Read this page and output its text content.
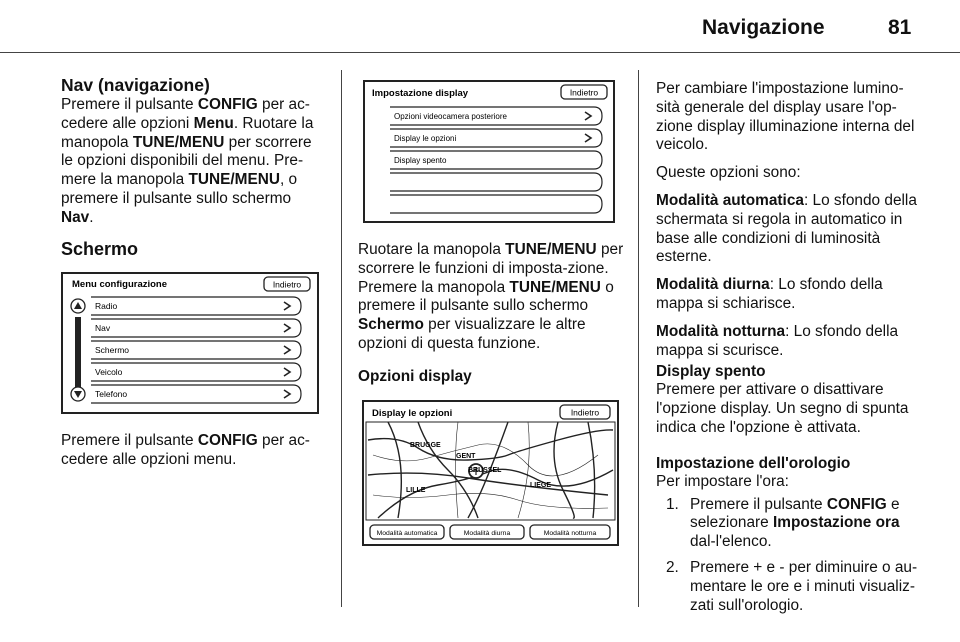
Navigazione	81
Nav (navigazione)

Premere il pulsante CONFIG per ac-cedere alle opzioni Menu. Ruotare la manopola TUNE/MENU per scorrere le opzioni disponibili del menu. Pre-mere la manopola TUNE/MENU, o premere il pulsante sullo schermo Nav.

Schermo
Menu configurazione	Indietro
Radio
Nav
Schermo
Veicolo
Telefono

Premere il pulsante CONFIG per ac-cedere alle opzioni menu.

Impostazione display	Indietro
Opzioni videocamera posteriore
Display le opzioni
Display spento

Ruotare la manopola TUNE/MENU per scorrere le funzioni di imposta-zione. Premere la manopola TUNE/MENU o premere il pulsante sullo schermo Schermo per visualizzare le altre opzioni di questa funzione.

Opzioni display
Display le opzioni	Indietro
BRUGGE
GENT
BRUSSEL
LILLE
LIEGE
Modalità automatica	Modalità diurna	Modalità notturna

Per cambiare l'impostazione lumino-sità generale del display usare l'op-zione display illuminazione interna del veicolo.

Queste opzioni sono:

Modalità automatica: Lo sfondo della schermata si regola in automatico in base alle condizioni di luminosità esterne.

Modalità diurna: Lo sfondo della mappa si schiarisce.

Modalità notturna: Lo sfondo della mappa si scurisce.

Display spento

Premere per attivare o disattivare l'opzione display. Un segno di spunta indica che l'opzione è attivata.

Impostazione dell'orologio

Per impostare l'ora:

1. Premere il pulsante CONFIG e selezionare Impostazione ora dal-l'elenco.
2. Premere + e - per diminuire o au-mentare le ore e i minuti visualiz-zati sull'orologio.
